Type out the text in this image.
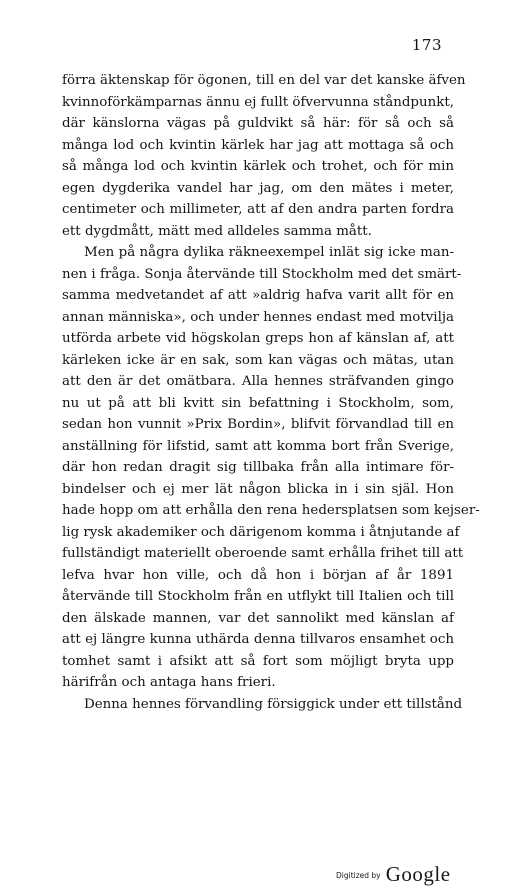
173
förra äktenskap för ögonen, till en del var det kanske äfven
kvinnoförkämparnas ännu ej fullt öfvervunna ståndpunkt,
där känslorna vägas på guldvikt så här: för så och så
många lod och kvintin kärlek har jag att mottaga så och
så många lod och kvintin kärlek och trohet, och för min
egen dygderika vandel har jag, om den mätes i meter,
centimeter och millimeter, att af den andra parten fordra
ett dygdmått, mätt med alldeles samma mått.
Men på några dylika räkneexempel inlät sig icke man-
nen i fråga. Sonja återvände till Stockholm med det smärt-
samma medvetandet af att »aldrig hafva varit allt för en
annan människa», och under hennes endast med motvilja
utförda arbete vid högskolan greps hon af känslan af, att
kärleken icke är en sak, som kan vägas och mätas, utan
att den är det omätbara. Alla hennes sträfvanden gingo
nu ut på att bli kvitt sin befattning i Stockholm, som,
sedan hon vunnit »Prix Bordin», blifvit förvandlad till en
anställning för lifstid, samt att komma bort från Sverige,
där hon redan dragit sig tillbaka från alla intimare för-
bindelser och ej mer lät någon blicka in i sin själ. Hon
hade hopp om att erhålla den rena hedersplatsen som kejser-
lig rysk akademiker och därigenom komma i åtnjutande af
fullständigt materiellt oberoende samt erhålla frihet till att
lefva hvar hon ville, och då hon i början af år 1891
återvände till Stockholm från en utflykt till Italien och till
den älskade mannen, var det sannolikt med känslan af
att ej längre kunna uthärda denna tillvaros ensamhet och
tomhet samt i afsikt att så fort som möjligt bryta upp
härifrån och antaga hans frieri.
Denna hennes förvandling försiggick under ett tillstånd
Digitized by Google
